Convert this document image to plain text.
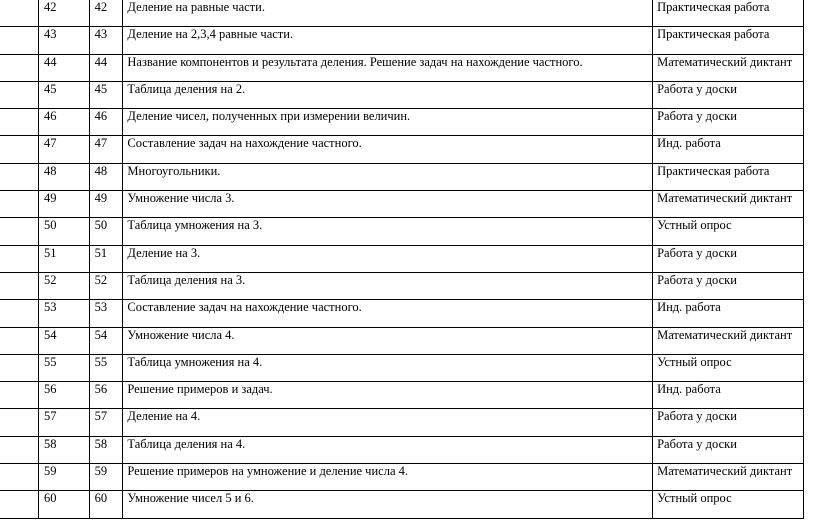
	42	42	Деление на равные части.	Практическая работа
	43	43	Деление на 2,3,4 равные части.	Практическая работа
	44	44	Название компонентов и результата деления. Решение задач на нахождение частного.	Математический диктант
	45	45	Таблица деления на 2.	Работа у доски
	46	46	Деление чисел, полученных при измерении величин.	Работа у доски
	47	47	Составление задач на нахождение частного.	Инд. работа
	48	48	Многоугольники.	Практическая работа
	49	49	Умножение числа 3.	Математический диктант
	50	50	Таблица умножения на 3.	Устный опрос
	51	51	Деление на 3.	Работа у доски
	52	52	Таблица деления на 3.	Работа у доски
	53	53	Составление задач на нахождение частного.	Инд. работа
	54	54	Умножение числа 4.	Математический диктант
	55	55	Таблица умножения на 4.	Устный опрос
	56	56	Решение примеров и задач.	Инд. работа
	57	57	Деление на 4.	Работа у доски
	58	58	Таблица деления на 4.	Работа у доски
	59	59	Решение примеров на умножение и деление числа 4.	Математический диктант
	60	60	Умножение чисел 5 и 6.	Устный опрос
